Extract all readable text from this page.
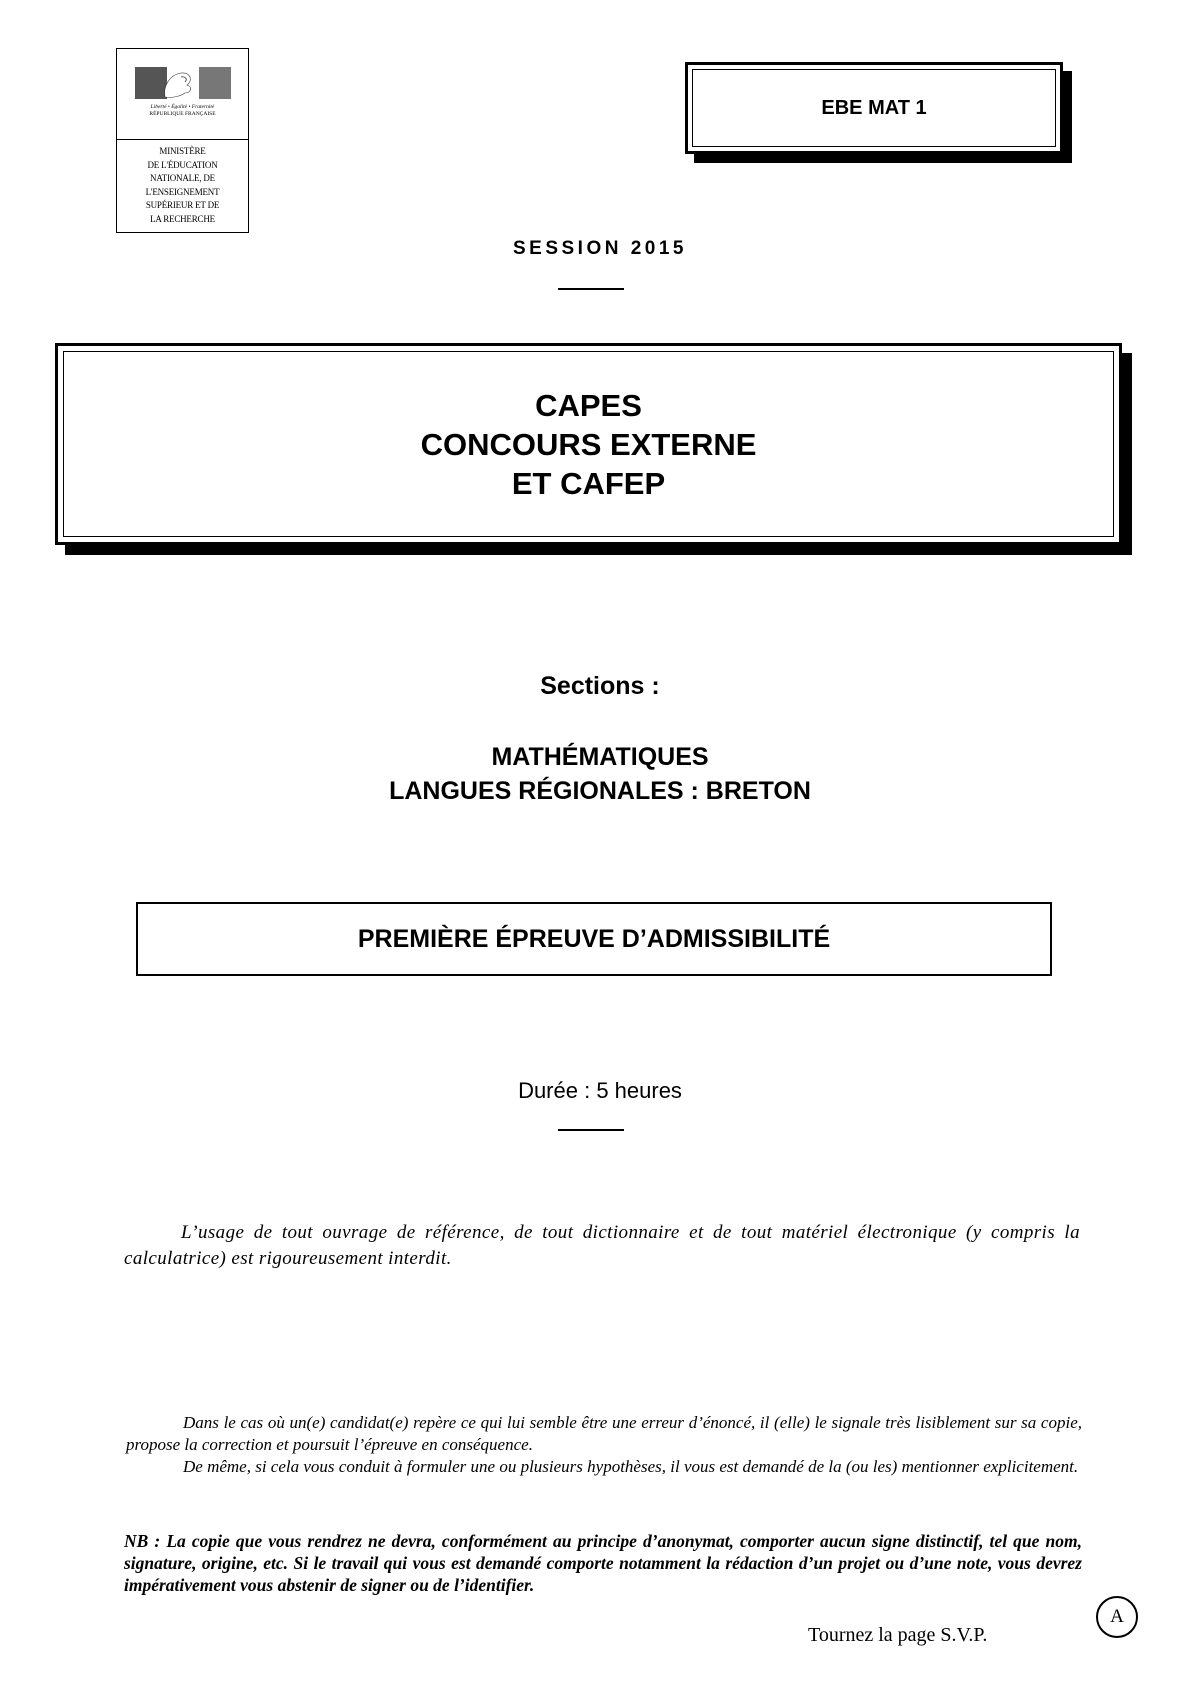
Liberté • Égalité • Fraternité
RÉPUBLIQUE FRANÇAISE
MINISTÈRE
DE L'ÉDUCATION
NATIONALE, DE
L'ENSEIGNEMENT
SUPÉRIEUR ET DE
LA RECHERCHE
EBE MAT 1
SESSION 2015
CAPES
CONCOURS EXTERNE
ET CAFEP
Sections :
MATHÉMATIQUES
LANGUES RÉGIONALES : BRETON
PREMIÈRE ÉPREUVE D’ADMISSIBILITÉ
Durée : 5 heures

L’usage de tout ouvrage de référence, de tout dictionnaire et de tout matériel électronique (y compris la calculatrice) est rigoureusement interdit.

Dans le cas où un(e) candidat(e) repère ce qui lui semble être une erreur d’énoncé, il (elle) le signale très lisiblement sur sa copie, propose la correction et poursuit l’épreuve en conséquence.

De même, si cela vous conduit à formuler une ou plusieurs hypothèses, il vous est demandé de la (ou les) mentionner explicitement.

NB : La copie que vous rendrez ne devra, conformément au principe d’anonymat, comporter aucun signe distinctif, tel que nom, signature, origine, etc. Si le travail qui vous est demandé comporte notamment la rédaction d’un projet ou d’une note, vous devrez impérativement vous abstenir de signer ou de l’identifier.

Tournez la page S.V.P.
A
